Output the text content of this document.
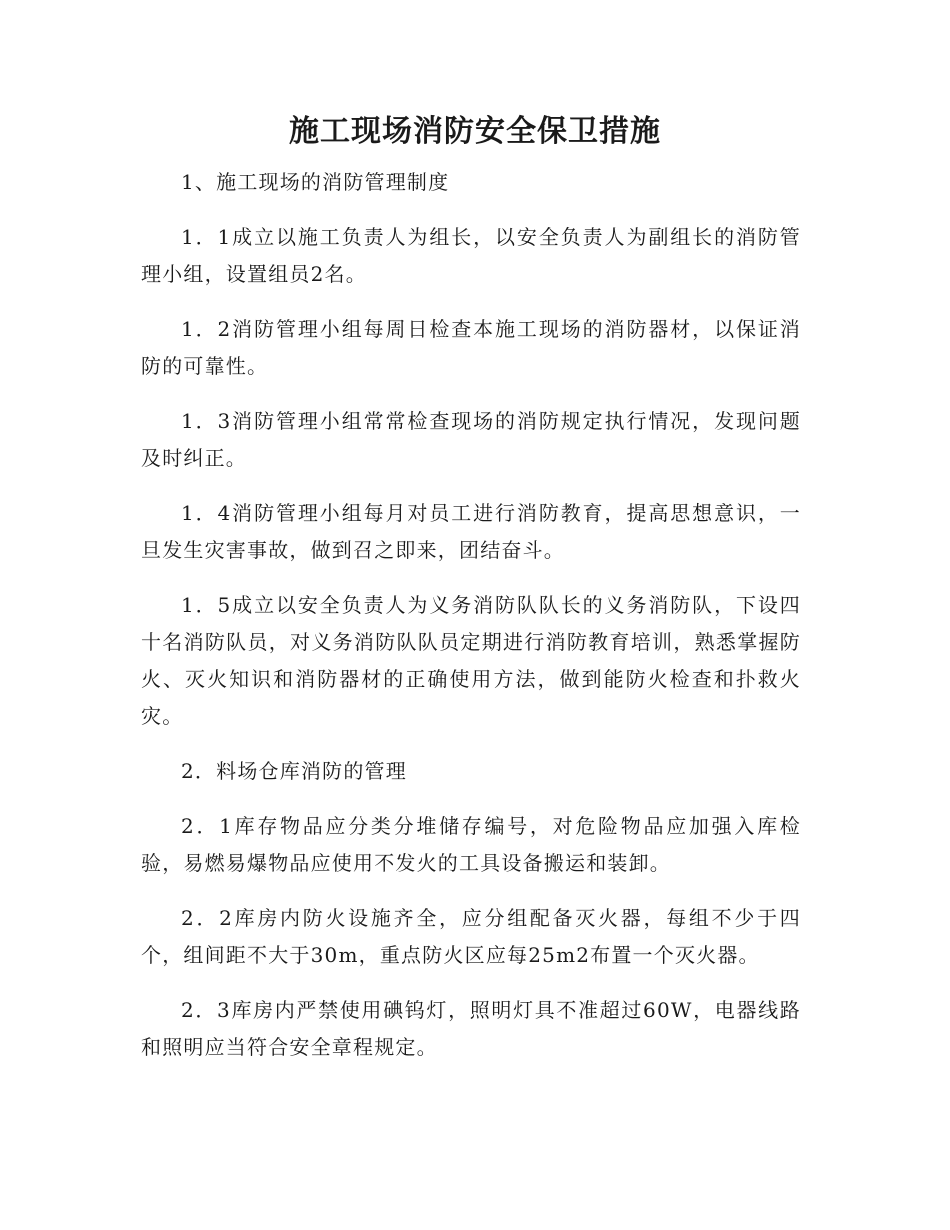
施工现场消防安全保卫措施

1、施工现场的消防管理制度

1．1成立以施工负责人为组长，以安全负责人为副组长的消防管理小组，设置组员2名。

1．2消防管理小组每周日检查本施工现场的消防器材，以保证消防的可靠性。

1．3消防管理小组常常检查现场的消防规定执行情况，发现问题及时纠正。

1．4消防管理小组每月对员工进行消防教育，提高思想意识，一旦发生灾害事故，做到召之即来，团结奋斗。

1．5成立以安全负责人为义务消防队队长的义务消防队，下设四十名消防队员，对义务消防队队员定期进行消防教育培训，熟悉掌握防火、灭火知识和消防器材的正确使用方法，做到能防火检查和扑救火灾。

2．料场仓库消防的管理

2．1库存物品应分类分堆储存编号，对危险物品应加强入库检验，易燃易爆物品应使用不发火的工具设备搬运和装卸。

2．2库房内防火设施齐全，应分组配备灭火器，每组不少于四个，组间距不大于30m，重点防火区应每25m2布置一个灭火器。

2．3库房内严禁使用碘钨灯，照明灯具不准超过60W，电器线路和照明应当符合安全章程规定。
